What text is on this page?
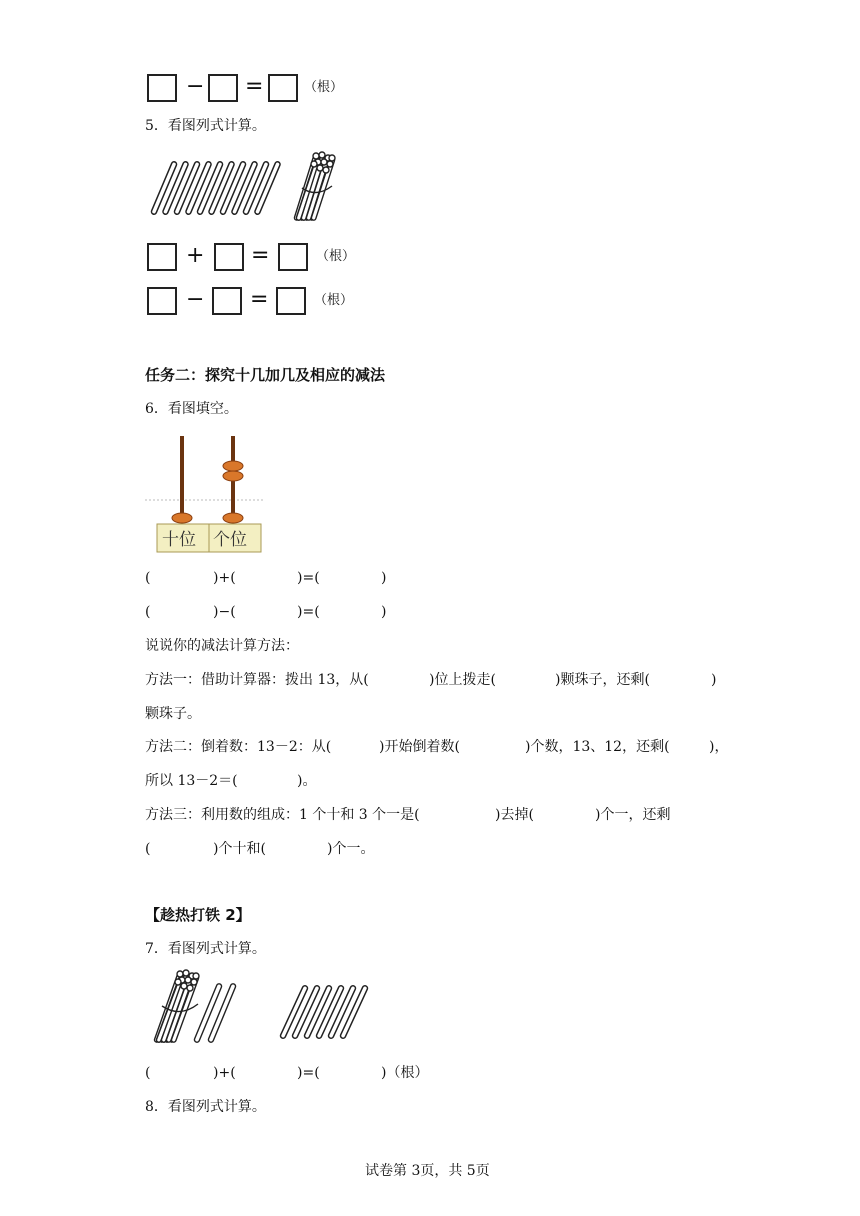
− =	（根）
5．看图列式计算。
+ =	（根）
− =	（根）
任务二：探究十几加几及相应的减法
6．看图填空。
十位 个位
(	)+(	)=(	)
(	)−(	)=(	)
说说你的减法计算方法：
方法一：借助计算器：拨出 13，从(	)位上拨走(	)颗珠子，还剩(	)
颗珠子。
方法二：倒着数：13－2：从(	)开始倒着数(	)个数，13、12，还剩(	)，
所以 13－2＝(	)。
方法三：利用数的组成：1 个十和 3 个一是(	)去掉(	)个一，还剩
(	)个十和(	)个一。
【趁热打铁 2】
7．看图列式计算。
(	)+(	)=(	)（根）
8．看图列式计算。
试卷第 3页，共 5页
